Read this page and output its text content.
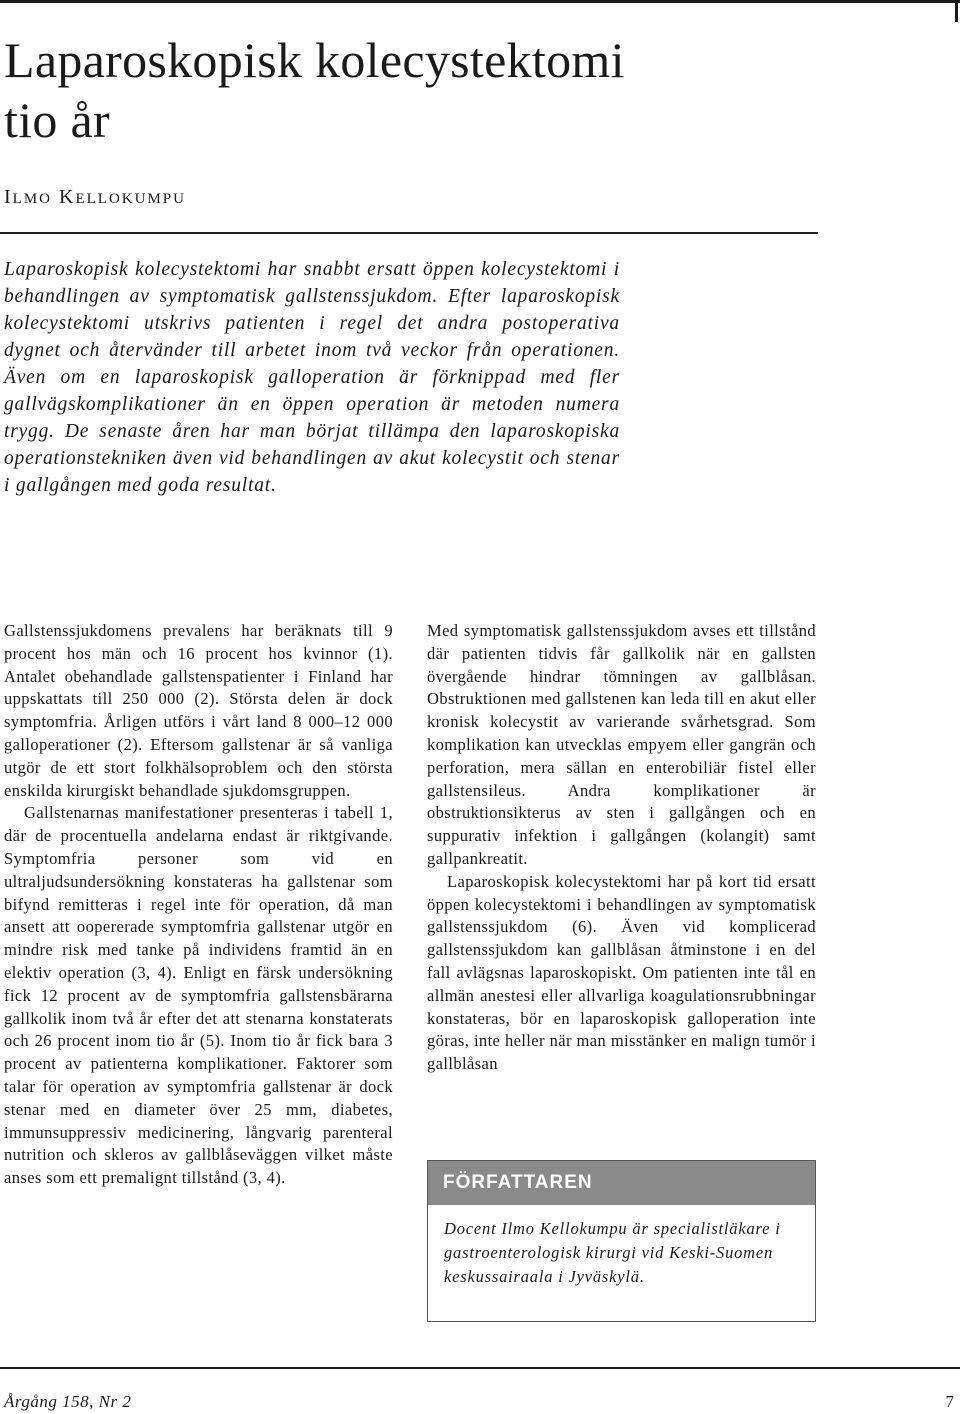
Laparoskopisk kolecystektomi
tio år
ILMO KELLOKUMPU

Laparoskopisk kolecystektomi har snabbt ersatt öppen kolecystektomi i behandlingen av symptomatisk gallstenssjukdom. Efter laparoskopisk kolecystektomi utskrivs patienten i regel det andra postoperativa dygnet och återvänder till arbetet inom två veckor från operationen. Även om en laparoskopisk galloperation är förknippad med fler gallvägskomplikationer än en öppen operation är metoden numera trygg. De senaste åren har man börjat tillämpa den laparoskopiska operationstekniken även vid behandlingen av akut kolecystit och stenar i gallgången med goda resultat.

Gallstenssjukdomens prevalens har beräknats till 9 procent hos män och 16 procent hos kvinnor (1). Antalet obehandlade gallstenspatienter i Finland har uppskattats till 250 000 (2). Största delen är dock symptomfria. Årligen utförs i vårt land 8 000–12 000 galloperationer (2). Eftersom gallstenar är så vanliga utgör de ett stort folkhälsoproblem och den största enskilda kirurgiskt behandlade sjukdomsgruppen.

Gallstenarnas manifestationer presenteras i tabell 1, där de procentuella andelarna endast är riktgivande. Symptomfria personer som vid en ultraljudsundersökning konstateras ha gallstenar som bifynd remitteras i regel inte för operation, då man ansett att oopererade symptomfria gallstenar utgör en mindre risk med tanke på individens framtid än en elektiv operation (3, 4). Enligt en färsk undersökning fick 12 procent av de symptomfria gallstensbärarna gallkolik inom två år efter det att stenarna konstaterats och 26 procent inom tio år (5). Inom tio år fick bara 3 procent av patienterna komplikationer. Faktorer som talar för operation av symptomfria gallstenar är dock stenar med en diameter över 25 mm, diabetes, immunsuppressiv medicinering, långvarig parenteral nutrition och skleros av gallblåseväggen vilket måste anses som ett premalignt tillstånd (3, 4).

Med symptomatisk gallstenssjukdom avses ett tillstånd där patienten tidvis får gallkolik när en gallsten övergående hindrar tömningen av gallblåsan. Obstruktionen med gallstenen kan leda till en akut eller kronisk kolecystit av varierande svårhetsgrad. Som komplikation kan utvecklas empyem eller gangrän och perforation, mera sällan en enterobiliär fistel eller gallstensileus. Andra komplikationer är obstruktionsikterus av sten i gallgången och en suppurativ infektion i gallgången (kolangit) samt gallpankreatit.

Laparoskopisk kolecystektomi har på kort tid ersatt öppen kolecystektomi i behandlingen av symptomatisk gallstenssjukdom (6). Även vid komplicerad gallstenssjukdom kan gallblåsan åtminstone i en del fall avlägsnas laparoskopiskt. Om patienten inte tål en allmän anestesi eller allvarliga koagulationsrubbningar konstateras, bör en laparoskopisk galloperation inte göras, inte heller när man misstänker en malign tumör i gallblåsan

FÖRFATTAREN

Docent Ilmo Kellokumpu är specialistläkare i gastroenterologisk kirurgi vid Keski-Suomen keskussairaala i Jyväskylä.

Årgång 158, Nr 2	7
